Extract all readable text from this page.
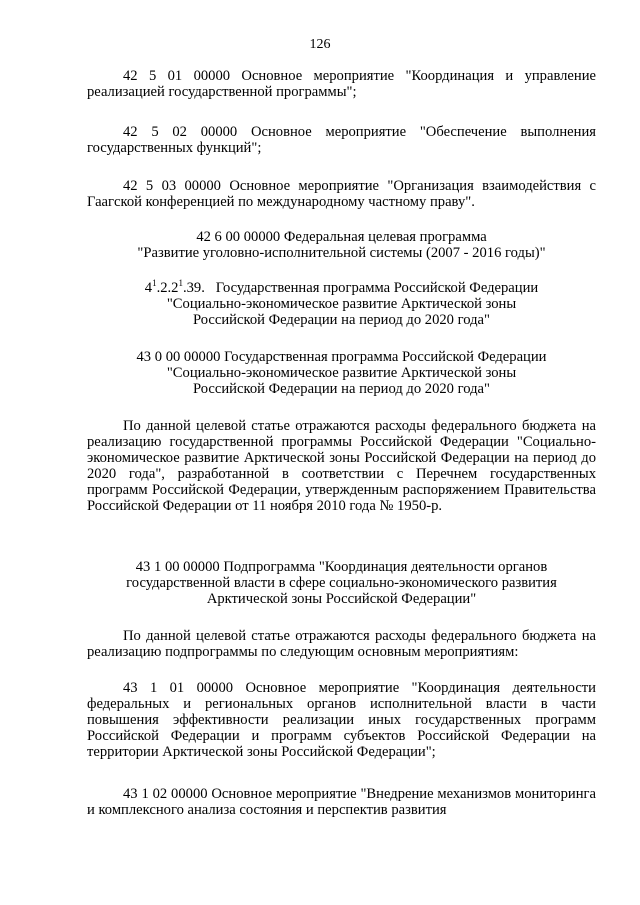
126

42 5 01 00000 Основное мероприятие "Координация и управление реализацией государственной программы";

42 5 02 00000 Основное мероприятие "Обеспечение выполнения государственных функций";

42 5 03 00000 Основное мероприятие "Организация взаимодействия с Гаагской конференцией по международному частному праву".

42 6 00 00000 Федеральная целевая программа
"Развитие уголовно-исполнительной системы (2007 - 2016 годы)"
$4^1.2.2^1.39$. Государственная программа Российской Федерации
"Социально-экономическое развитие Арктической зоны
Российской Федерации на период до 2020 года"
43 0 00 00000 Государственная программа Российской Федерации
"Социально-экономическое развитие Арктической зоны
Российской Федерации на период до 2020 года"

По данной целевой статье отражаются расходы федерального бюджета на реализацию государственной программы Российской Федерации "Социально-экономическое развитие Арктической зоны Российской Федерации на период до 2020 года", разработанной в соответствии с Перечнем государственных программ Российской Федерации, утвержденным распоряжением Правительства Российской Федерации от 11 ноября 2010 года № 1950-р.

43 1 00 00000 Подпрограмма "Координация деятельности органов
государственной власти в сфере социально-экономического развития
Арктической зоны Российской Федерации"

По данной целевой статье отражаются расходы федерального бюджета на реализацию подпрограммы по следующим основным мероприятиям:

43 1 01 00000 Основное мероприятие "Координация деятельности федеральных и региональных органов исполнительной власти в части повышения эффективности реализации иных государственных программ Российской Федерации и программ субъектов Российской Федерации на территории Арктической зоны Российской Федерации";

43 1 02 00000 Основное мероприятие "Внедрение механизмов мониторинга и комплексного анализа состояния и перспектив развития
